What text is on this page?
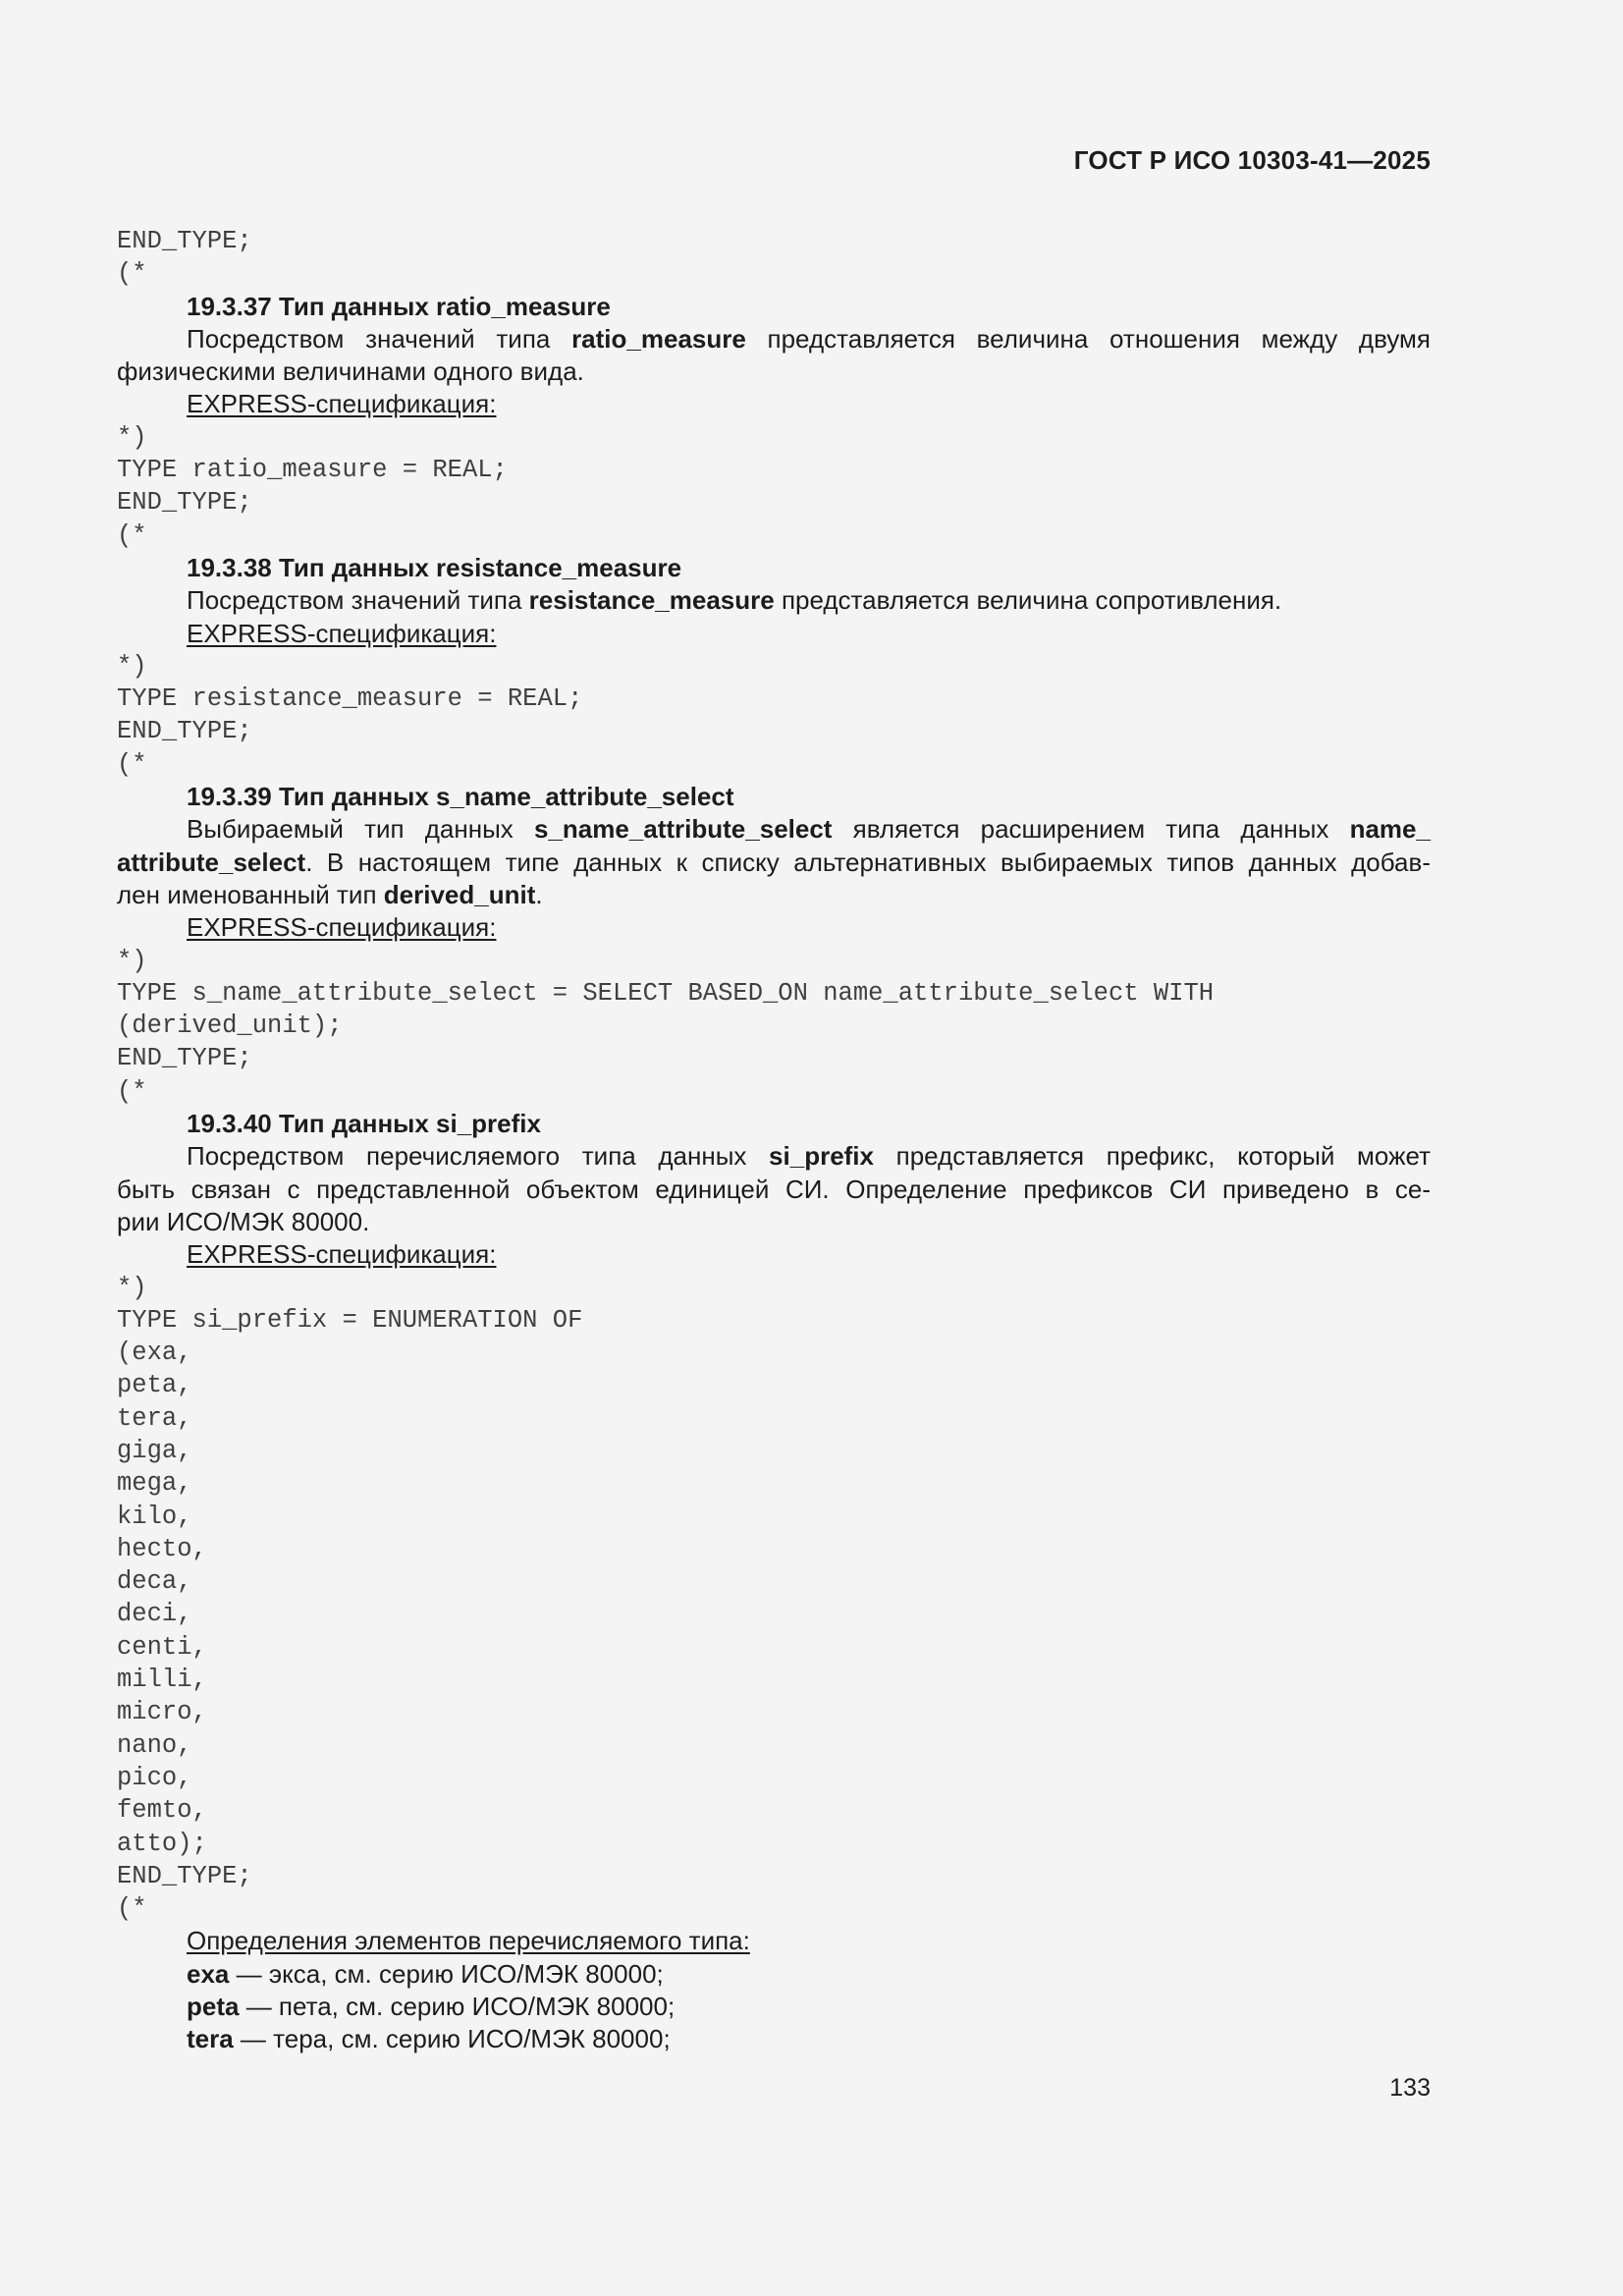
ГОСТ Р ИСО 10303-41—2025
END_TYPE;
(*
19.3.37 Тип данных ratio_measure
Посредством значений типа ratio_measure представляется величина отношения между двумя
физическими величинами одного вида.
EXPRESS-спецификация:
*)
TYPE ratio_measure = REAL;
END_TYPE;
(*
19.3.38 Тип данных resistance_measure
Посредством значений типа resistance_measure представляется величина сопротивления.
EXPRESS-спецификация:
*)
TYPE resistance_measure = REAL;
END_TYPE;
(*
19.3.39 Тип данных s_name_attribute_select
Выбираемый тип данных s_name_attribute_select является расширением типа данных name_
attribute_select. В настоящем типе данных к списку альтернативных выбираемых типов данных добав-
лен именованный тип derived_unit.
EXPRESS-спецификация:
*)
TYPE s_name_attribute_select = SELECT BASED_ON name_attribute_select WITH
(derived_unit);
END_TYPE;
(*
19.3.40 Тип данных si_prefix
Посредством перечисляемого типа данных si_prefix представляется префикс, который может
быть связан с представленной объектом единицей СИ. Определение префиксов СИ приведено в се-
рии ИСО/МЭК 80000.
EXPRESS-спецификация:
*)
TYPE si_prefix = ENUMERATION OF
(exa,
peta,
tera,
giga,
mega,
kilo,
hecto,
deca,
deci,
centi,
milli,
micro,
nano,
pico,
femto,
atto);
END_TYPE;
(*
Определения элементов перечисляемого типа:
exa — экса, см. серию ИСО/МЭК 80000;
peta — пета, см. серию ИСО/МЭК 80000;
tera — тера, см. серию ИСО/МЭК 80000;
133
